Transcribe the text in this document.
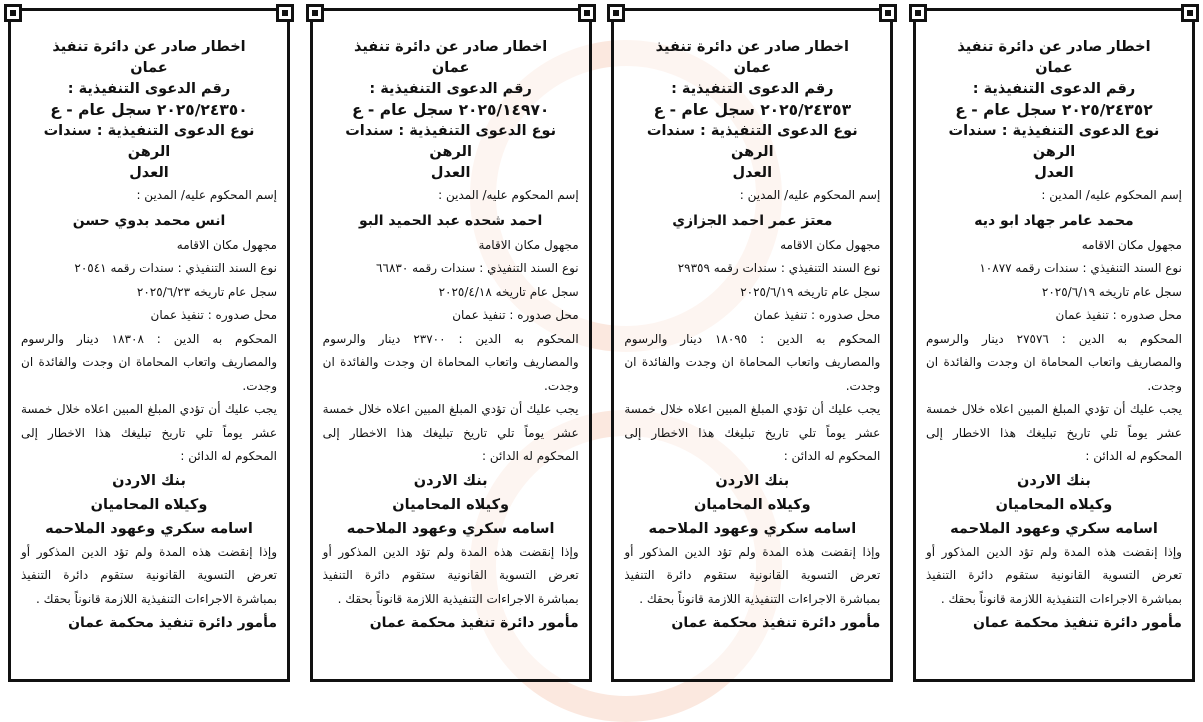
اخطار صادر عن دائرة تنفيذ
عمان
رقم الدعوى التنفيذية :
٢٠٢٥/٢٤٣٥٢ سجل عام - ع
نوع الدعوى التنفيذية : سندات الرهن
العدل
إسم المحكوم عليه/ المدين :
محمد عامر جهاد ابو ديه
مجهول مكان الاقامه
نوع السند التنفيذي : سندات رقمه ١٠٨٧٧
سجل عام تاريخه ٢٠٢٥/٦/١٩
محل صدوره : تنفيذ عمان
المحكوم به الدين : ٢٧٥٧٦ دينار والرسوم والمصاريف واتعاب المحاماة ان وجدت والفائدة ان وجدت.
يجب عليك أن تؤدي المبلغ المبين اعلاه خلال خمسة عشر يوماً تلي تاريخ تبليغك هذا الاخطار إلى المحكوم له الدائن :
بنك الاردن
وكيلاه المحاميان
اسامه سكري وعهود الملاحمه
وإذا إنقضت هذه المدة ولم تؤد الدين المذكور أو تعرض التسوية القانونية ستقوم دائرة التنفيذ بمباشرة الاجراءات التنفيذية اللازمة قانوناً بحقك .
مأمور دائرة تنفيذ محكمة عمان
اخطار صادر عن دائرة تنفيذ
عمان
رقم الدعوى التنفيذية :
٢٠٢٥/٢٤٣٥٣ سجل عام - ع
نوع الدعوى التنفيذية : سندات الرهن
العدل
إسم المحكوم عليه/ المدين :
معتز عمر احمد الجزازي
مجهول مكان الاقامه
نوع السند التنفيذي : سندات رقمه ٢٩٣٥٩
سجل عام تاريخه ٢٠٢٥/٦/١٩
محل صدوره : تنفيذ عمان
المحكوم به الدين : ١٨٠٩٥ دينار والرسوم والمصاريف واتعاب المحاماة ان وجدت والفائدة ان وجدت.
يجب عليك أن تؤدي المبلغ المبين اعلاه خلال خمسة عشر يوماً تلي تاريخ تبليغك هذا الاخطار إلى المحكوم له الدائن :
بنك الاردن
وكيلاه المحاميان
اسامه سكري وعهود الملاحمه
وإذا إنقضت هذه المدة ولم تؤد الدين المذكور أو تعرض التسوية القانونية ستقوم دائرة التنفيذ بمباشرة الاجراءات التنفيذية اللازمة قانوناً بحقك .
مأمور دائرة تنفيذ محكمة عمان
اخطار صادر عن دائرة تنفيذ
عمان
رقم الدعوى التنفيذية :
٢٠٢٥/١٤٩٧٠ سجل عام - ع
نوع الدعوى التنفيذية : سندات الرهن
العدل
إسم المحكوم عليه/ المدين :
احمد شحده عبد الحميد البو
مجهول مكان الاقامة
نوع السند التنفيذي : سندات رقمه ٦٦٨٣٠
سجل عام تاريخه ٢٠٢٥/٤/١٨
محل صدوره : تنفيذ عمان
المحكوم به الدين : ٢٣٧٠٠ دينار والرسوم والمصاريف واتعاب المحاماة ان وجدت والفائدة ان وجدت.
يجب عليك أن تؤدي المبلغ المبين اعلاه خلال خمسة عشر يوماً تلي تاريخ تبليغك هذا الاخطار إلى المحكوم له الدائن :
بنك الاردن
وكيلاه المحاميان
اسامه سكري وعهود الملاحمه
وإذا إنقضت هذه المدة ولم تؤد الدين المذكور أو تعرض التسوية القانونية ستقوم دائرة التنفيذ بمباشرة الاجراءات التنفيذية اللازمة قانوناً بحقك .
مأمور دائرة تنفيذ محكمة عمان
اخطار صادر عن دائرة تنفيذ
عمان
رقم الدعوى التنفيذية :
٢٠٢٥/٢٤٣٥٠ سجل عام - ع
نوع الدعوى التنفيذية : سندات الرهن
العدل
إسم المحكوم عليه/ المدين :
انس محمد بدوي حسن
مجهول مكان الاقامه
نوع السند التنفيذي : سندات رقمه ٢٠٥٤١
سجل عام تاريخه ٢٠٢٥/٦/٢٣
محل صدوره : تنفيذ عمان
المحكوم به الدين : ١٨٣٠٨ دينار والرسوم والمصاريف واتعاب المحاماة ان وجدت والفائدة ان وجدت.
يجب عليك أن تؤدي المبلغ المبين اعلاه خلال خمسة عشر يوماً تلي تاريخ تبليغك هذا الاخطار إلى المحكوم له الدائن :
بنك الاردن
وكيلاه المحاميان
اسامه سكري وعهود الملاحمه
وإذا إنقضت هذه المدة ولم تؤد الدين المذكور أو تعرض التسوية القانونية ستقوم دائرة التنفيذ بمباشرة الاجراءات التنفيذية اللازمة قانوناً بحقك .
مأمور دائرة تنفيذ محكمة عمان
